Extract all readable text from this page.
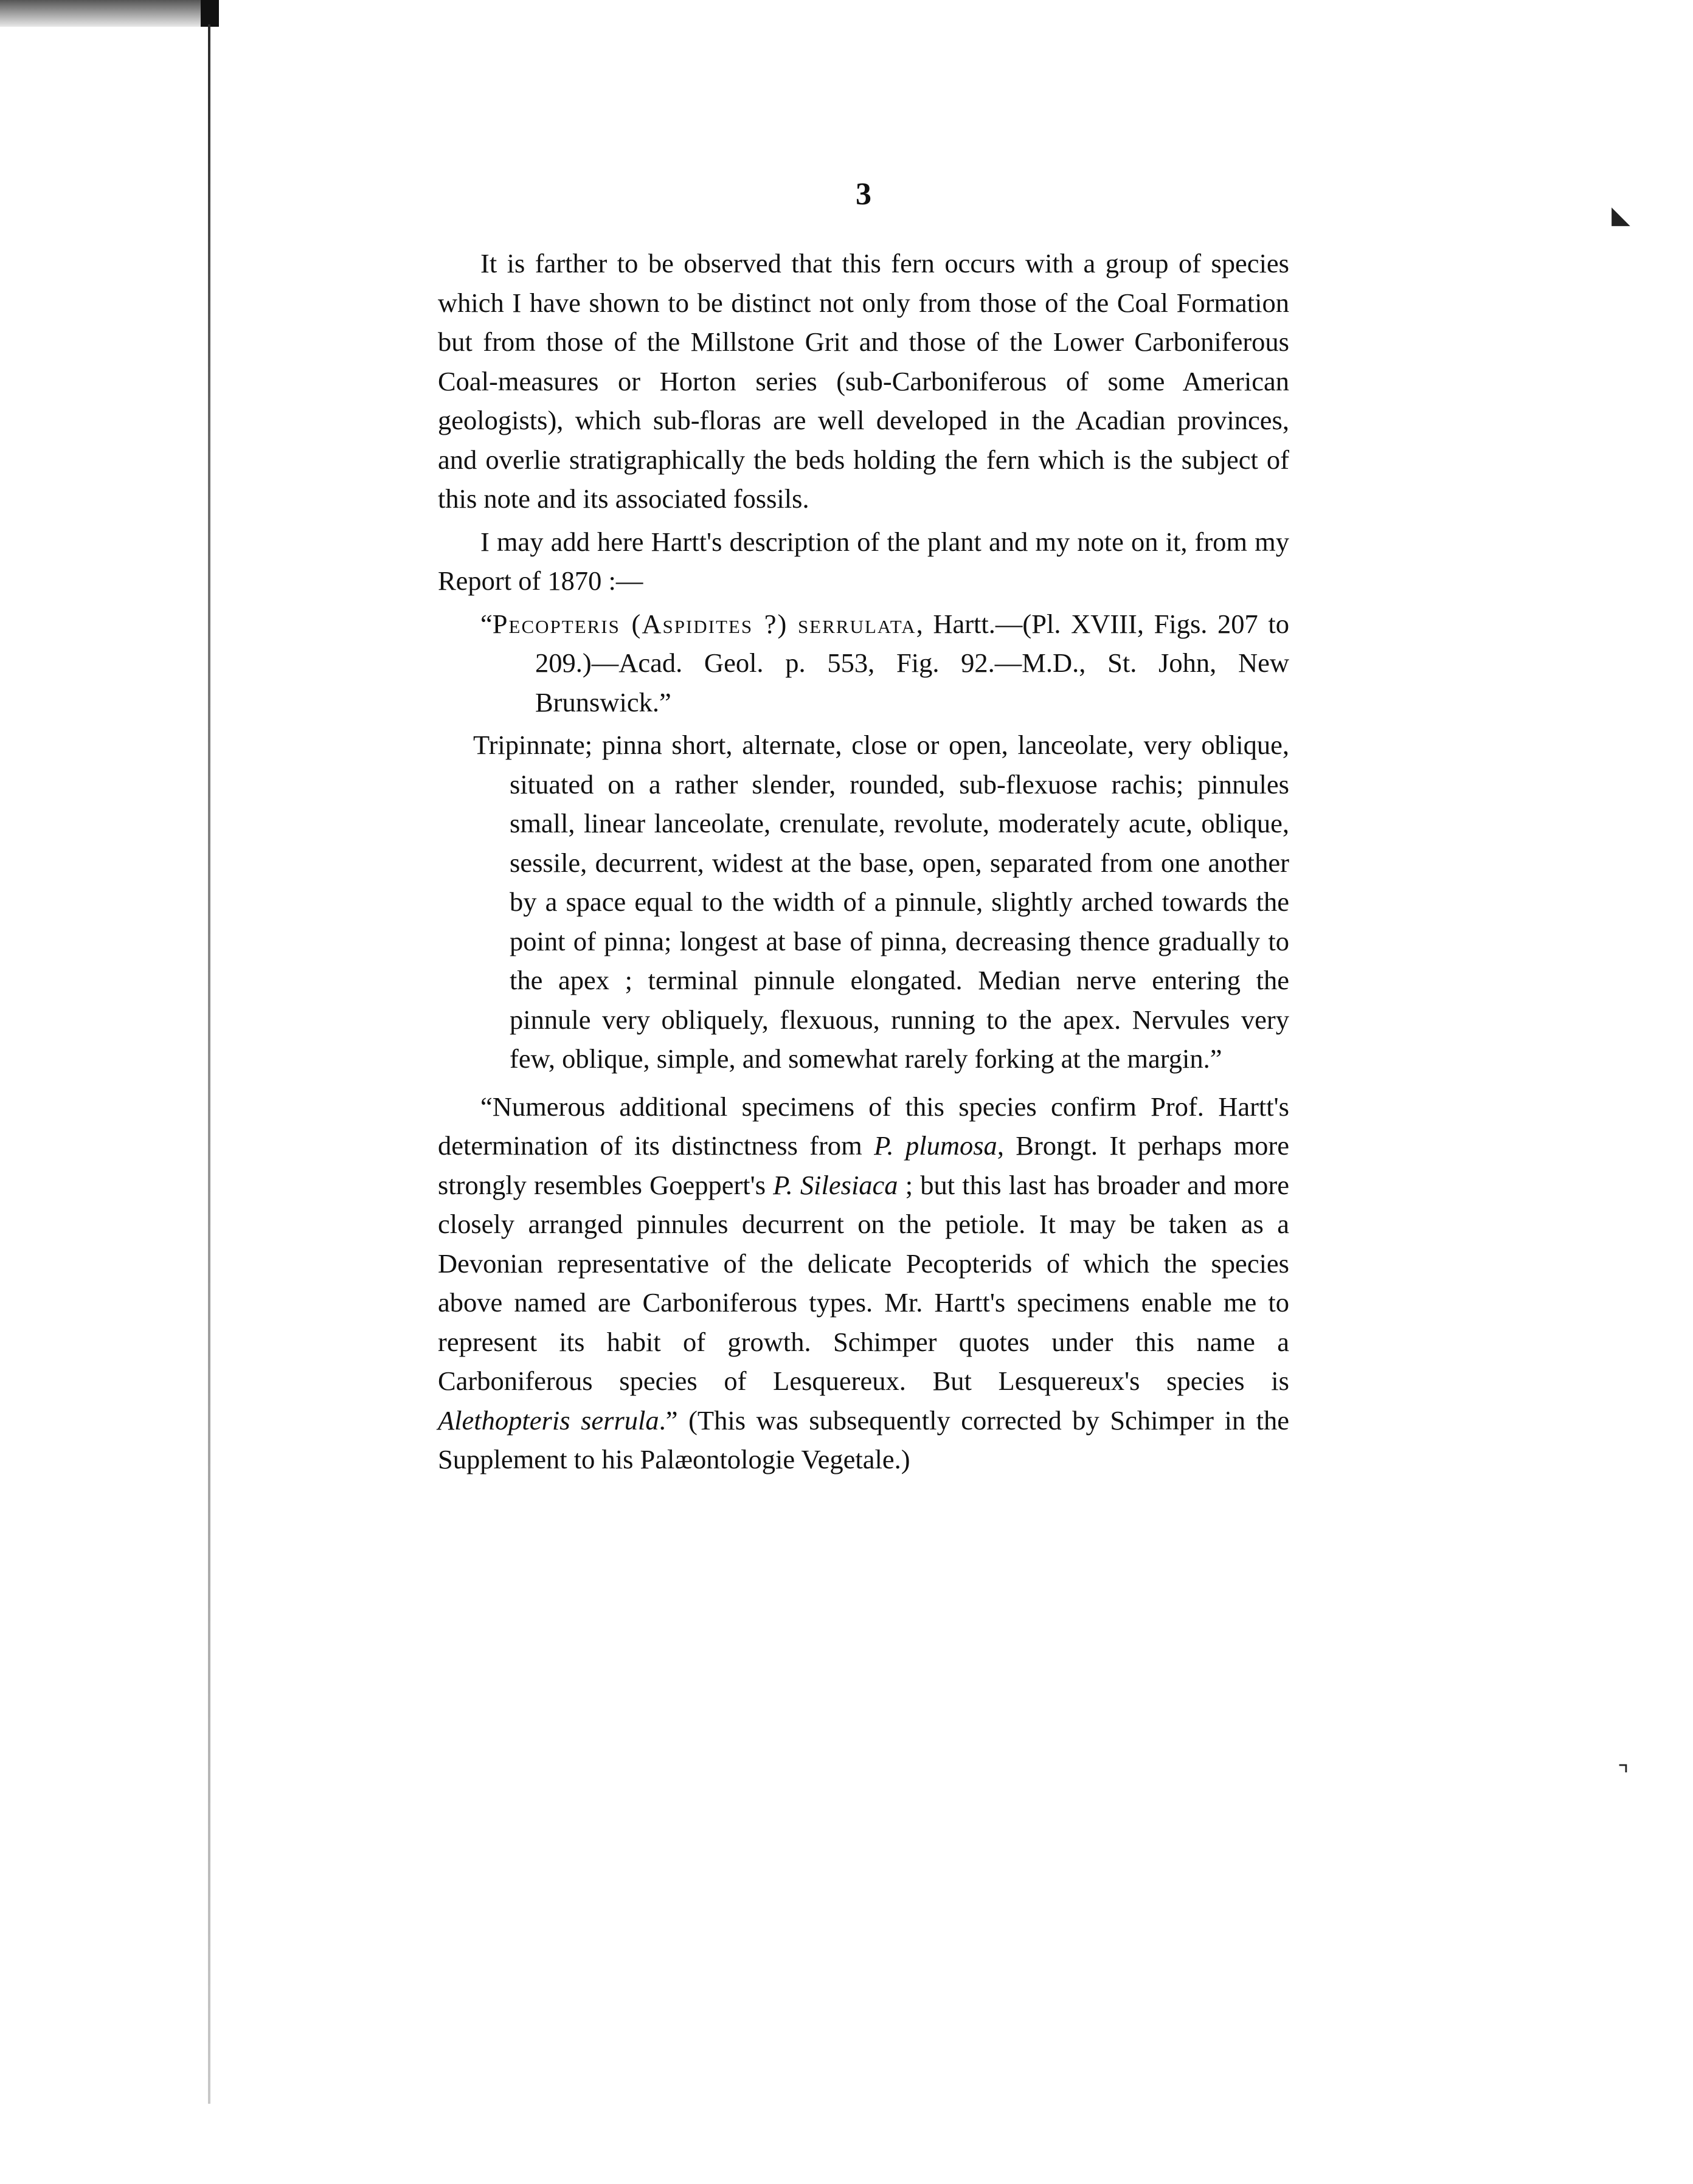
◣
⌝
3

It is farther to be observed that this fern occurs with a group of species which I have shown to be distinct not only from those of the Coal Formation but from those of the Millstone Grit and those of the Lower Carboniferous Coal-measures or Horton series (sub-Carboniferous of some American geologists), which sub-floras are well developed in the Acadian provinces, and overlie stratigraphically the beds holding the fern which is the subject of this note and its associated fossils.

I may add here Hartt's description of the plant and my note on it, from my Report of 1870 :—

“Pecopteris (Aspidites ?) serrulata, Hartt.—(Pl. XVIII, Figs. 207 to 209.)—Acad. Geol. p. 553, Fig. 92.—M.D., St. John, New Brunswick.”

Tripinnate; pinna short, alternate, close or open, lanceolate, very oblique, situated on a rather slender, rounded, sub-flexuose rachis; pinnules small, linear lanceolate, crenulate, revolute, moderately acute, oblique, sessile, decurrent, widest at the base, open, separated from one another by a space equal to the width of a pinnule, slightly arched towards the point of pinna; longest at base of pinna, decreasing thence gradually to the apex ; terminal pinnule elongated. Median nerve entering the pinnule very obliquely, flexuous, running to the apex. Nervules very few, oblique, simple, and somewhat rarely forking at the margin.”

“Numerous additional specimens of this species confirm Prof. Hartt's determination of its distinctness from P. plumosa, Brongt. It perhaps more strongly resembles Goeppert's P. Silesiaca ; but this last has broader and more closely arranged pinnules decurrent on the petiole. It may be taken as a Devonian representative of the delicate Pecopterids of which the species above named are Carboniferous types. Mr. Hartt's specimens enable me to represent its habit of growth. Schimper quotes under this name a Carboniferous species of Lesquereux. But Lesquereux's species is Alethopteris serrula.” (This was subsequently corrected by Schimper in the Supplement to his Palæontologie Vegetale.)
